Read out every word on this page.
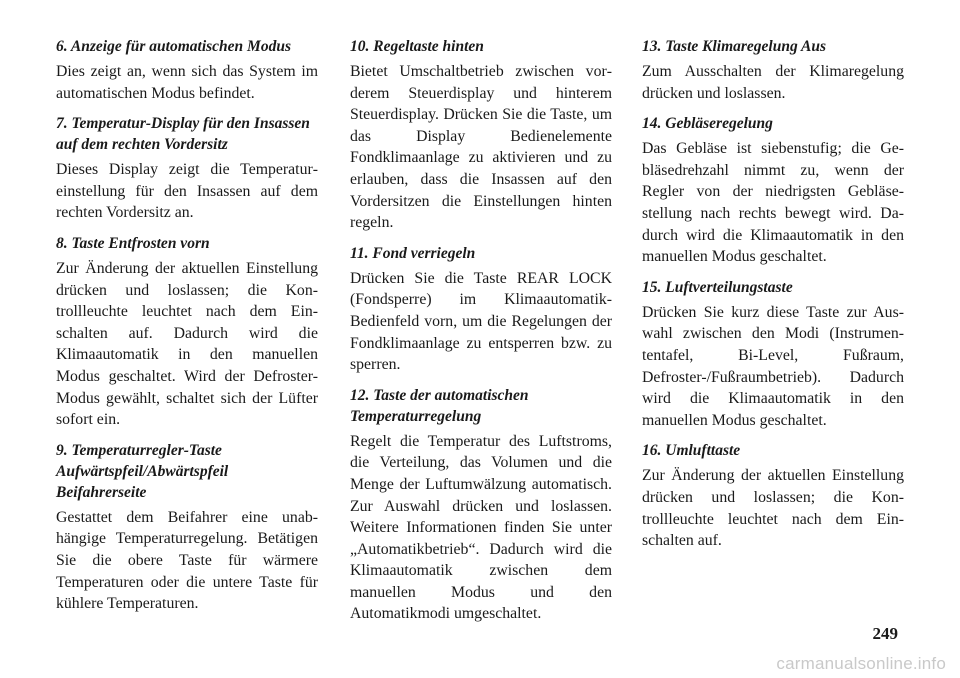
6. Anzeige für automatischen Modus

Dies zeigt an, wenn sich das System im automatischen Modus befindet.

7. Temperatur-Display für den Insassen auf dem rechten Vordersitz

Dieses Display zeigt die Temperatureinstellung für den Insassen auf dem rechten Vordersitz an.

8. Taste Entfrosten vorn

Zur Änderung der aktuellen Einstellung drücken und loslassen; die Kontrollleuchte leuchtet nach dem Einschalten auf. Dadurch wird die Klimaautomatik in den manuellen Modus geschaltet. Wird der Defroster-Modus gewählt, schaltet sich der Lüfter sofort ein.

9. Temperaturregler-Taste Aufwärtspfeil/Abwärtspfeil Beifahrerseite

Gestattet dem Beifahrer eine unabhängige Temperaturregelung. Betätigen Sie die obere Taste für wärmere Temperaturen oder die untere Taste für kühlere Temperaturen.

10. Regeltaste hinten

Bietet Umschaltbetrieb zwischen vorderem Steuerdisplay und hinterem Steuerdisplay. Drücken Sie die Taste, um das Display Bedienelemente Fondklimaanlage zu aktivieren und zu erlauben, dass die Insassen auf den Vordersitzen die Einstellungen hinten regeln.

11. Fond verriegeln

Drücken Sie die Taste REAR LOCK (Fondsperre) im Klimaautomatik-Bedienfeld vorn, um die Regelungen der Fondklimaanlage zu entsperren bzw. zu sperren.

12. Taste der automatischen Temperaturregelung

Regelt die Temperatur des Luftstroms, die Verteilung, das Volumen und die Menge der Luftumwälzung automatisch. Zur Auswahl drücken und loslassen. Weitere Informationen finden Sie unter „Automatikbetrieb“. Dadurch wird die Klimaautomatik zwischen dem manuellen Modus und den Automatikmodi umgeschaltet.

13. Taste Klimaregelung Aus

Zum Ausschalten der Klimaregelung drücken und loslassen.

14. Gebläseregelung

Das Gebläse ist siebenstufig; die Gebläsedrehzahl nimmt zu, wenn der Regler von der niedrigsten Gebläsestellung nach rechts bewegt wird. Dadurch wird die Klimaautomatik in den manuellen Modus geschaltet.

15. Luftverteilungstaste

Drücken Sie kurz diese Taste zur Auswahl zwischen den Modi (Instrumententafel, Bi-Level, Fußraum, Defroster-/Fußraumbetrieb). Dadurch wird die Klimaautomatik in den manuellen Modus geschaltet.

16. Umlufttaste

Zur Änderung der aktuellen Einstellung drücken und loslassen; die Kontrollleuchte leuchtet nach dem Einschalten auf.

249
carmanualsonline.info
